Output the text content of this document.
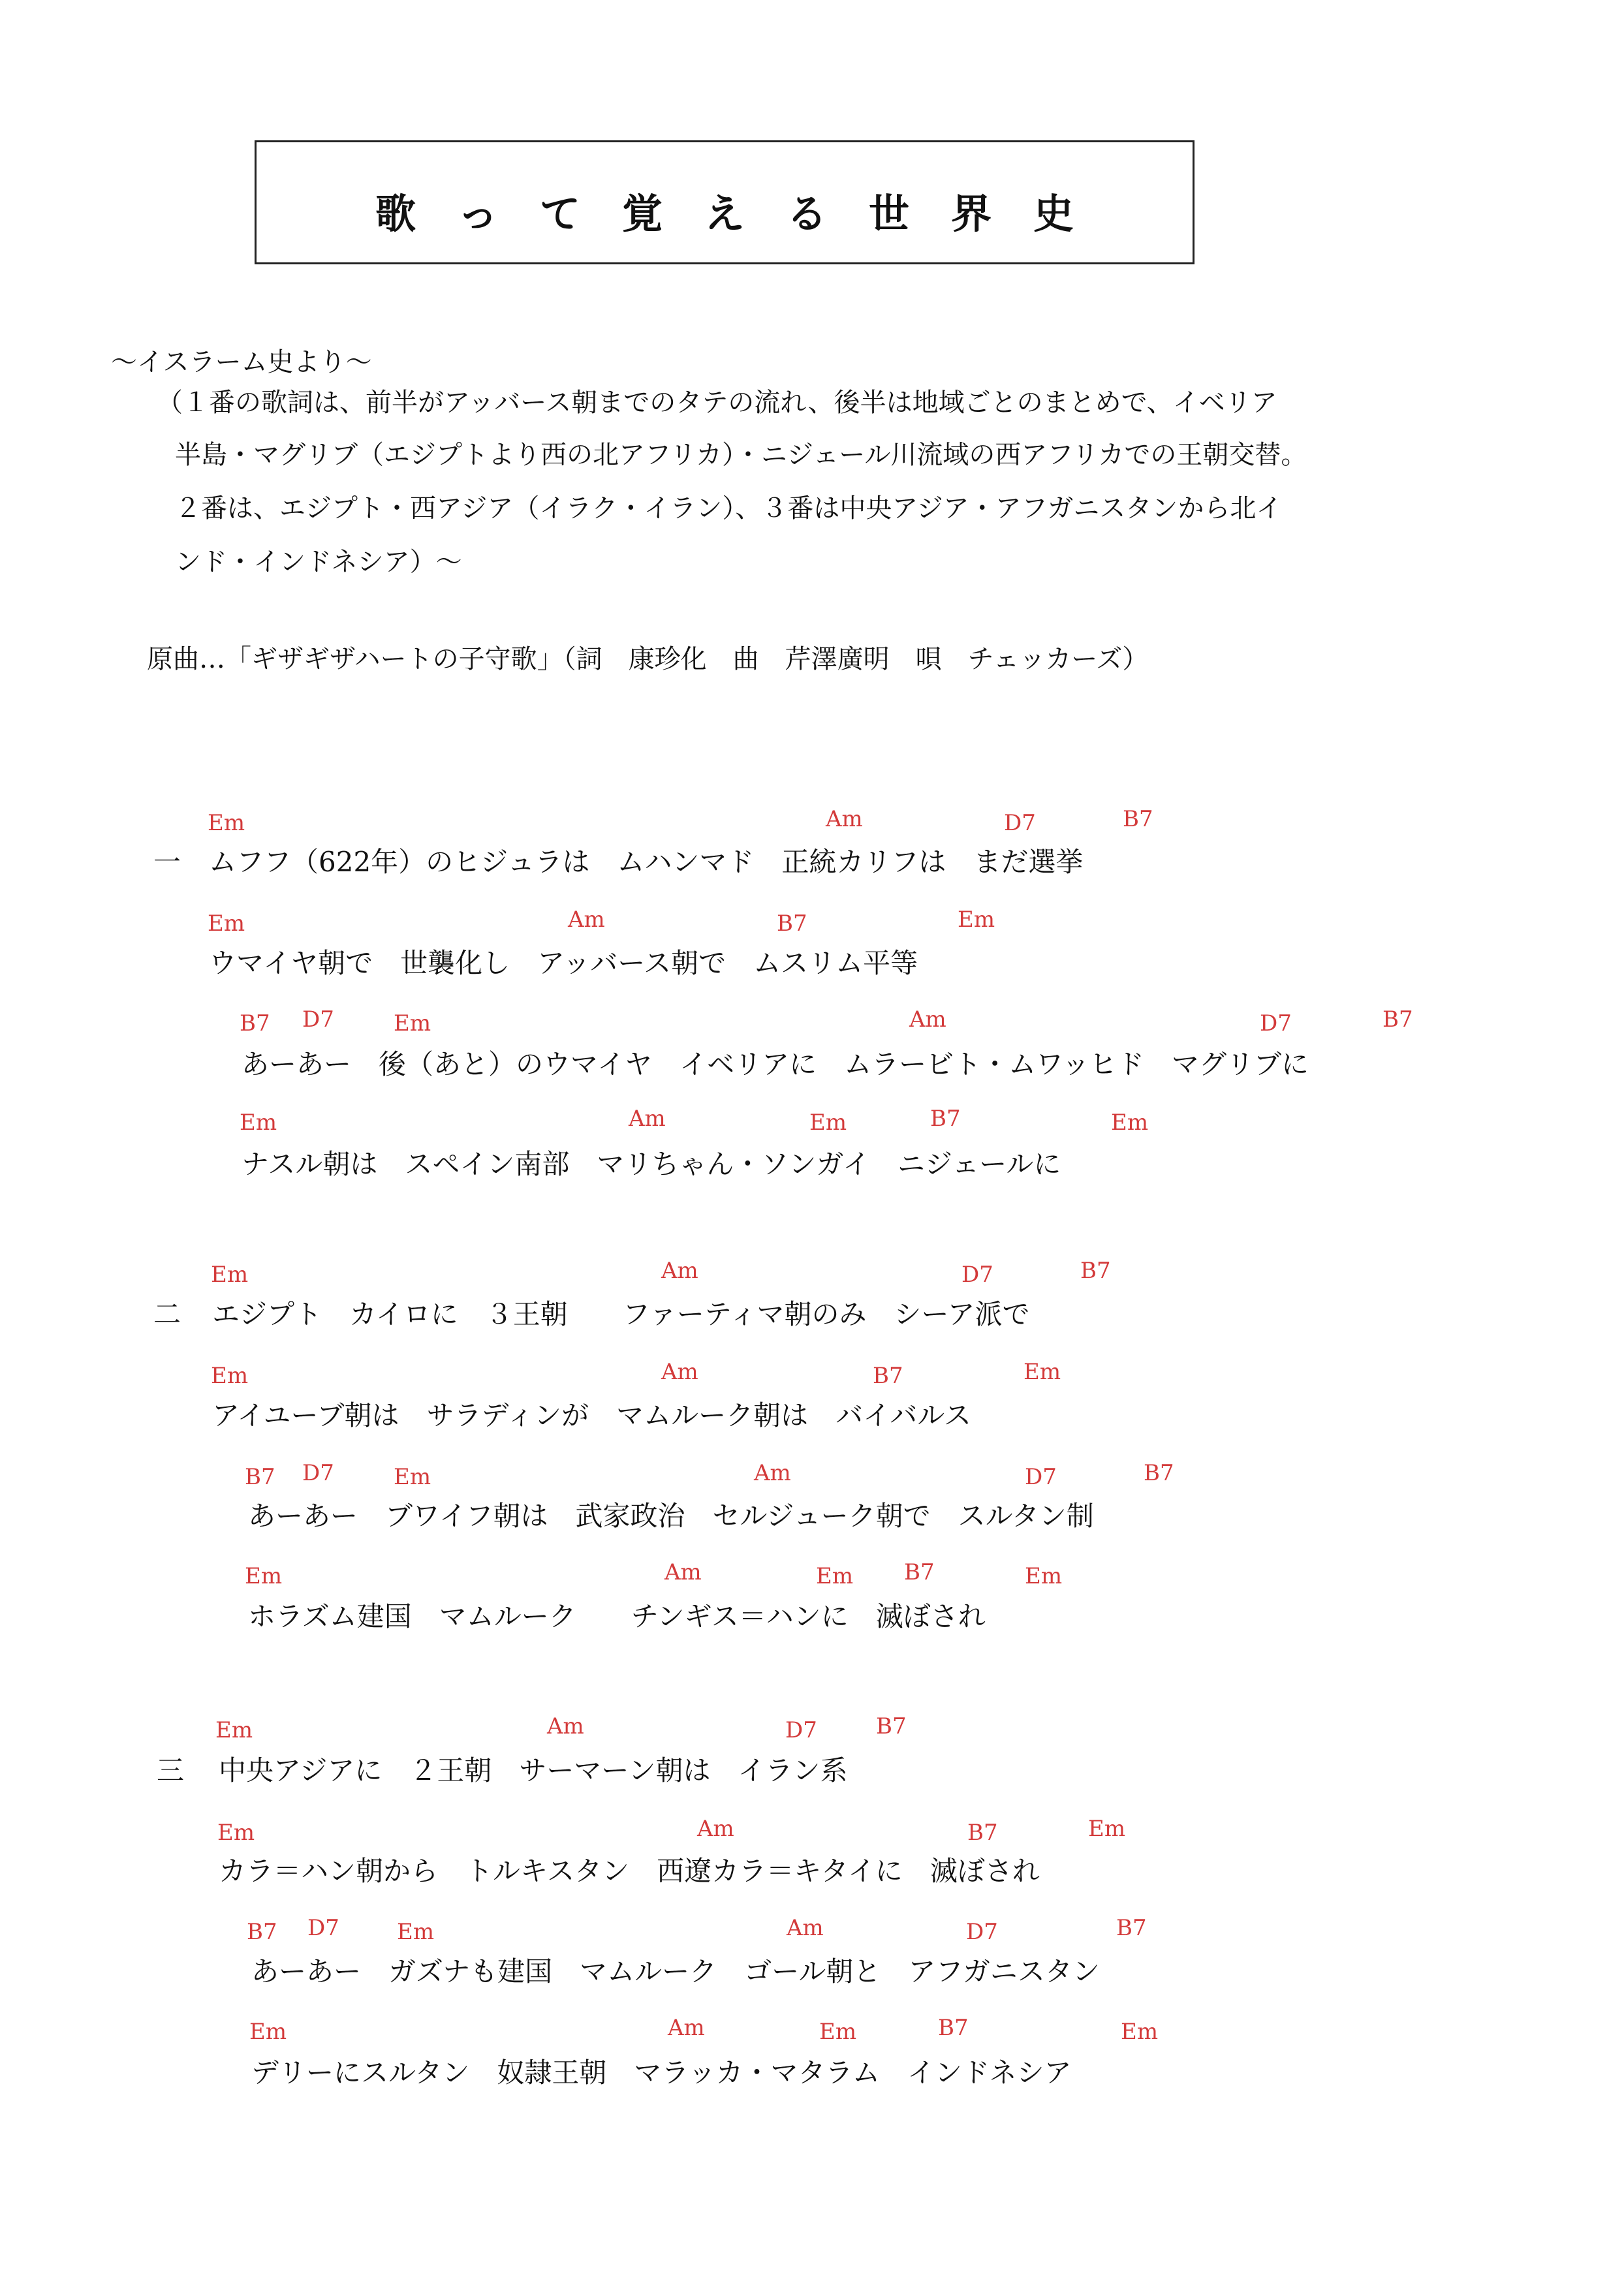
歌って覚える世界史
〜イスラーム史より〜
（１番の歌詞は、前半がアッバース朝までのタテの流れ、後半は地域ごとのまとめで、イベリア
半島・マグリブ（エジプトより西の北アフリカ）・ニジェール川流域の西アフリカでの王朝交替。
２番は、エジプト・西アジア（イラク・イラン）、３番は中央アジア・アフガニスタンから北イ
ンド・インドネシア）〜
原曲…「ギザギザハートの子守歌」（詞　康珍化　曲　芹澤廣明　唄　チェッカーズ）
一 ムフフ（622年）のヒジュラは　ムハンマド　正統カリフは　まだ選挙
Em	Am	D7	B7
ウマイヤ朝で　世襲化し　アッバース朝で　ムスリム平等
Em	Am	B7	Em
あーあー　後（あと）のウマイヤ　イベリアに　ムラービト・ムワッヒド　マグリブに
B7 D7	Em	Am	D7	B7
ナスル朝は　スペイン南部　マリちゃん・ソンガイ　ニジェールに
Em	Am	Em	B7	Em
二 エジプト　カイロに　３王朝　　ファーティマ朝のみ　シーア派で
Em	Am	D7	B7
アイユーブ朝は　サラディンが　マムルーク朝は　バイバルス
Em	Am	B7	Em
あーあー　ブワイフ朝は　武家政治　セルジューク朝で　スルタン制
B7 D7	Em	Am	D7	B7
ホラズム建国　マムルーク　　チンギス＝ハンに　滅ぼされ
Em	Am	Em B7	Em
三 中央アジアに　２王朝　サーマーン朝は　イラン系
Em	Am	D7	B7
カラ＝ハン朝から　トルキスタン　西遼カラ＝キタイに　滅ぼされ
Em	Am	B7	Em
あーあー　ガズナも建国　マムルーク　ゴール朝と　アフガニスタン
B7 D7	Em	Am	D7	B7
デリーにスルタン　奴隷王朝　マラッカ・マタラム　インドネシア
Em	Am	Em	B7	Em
